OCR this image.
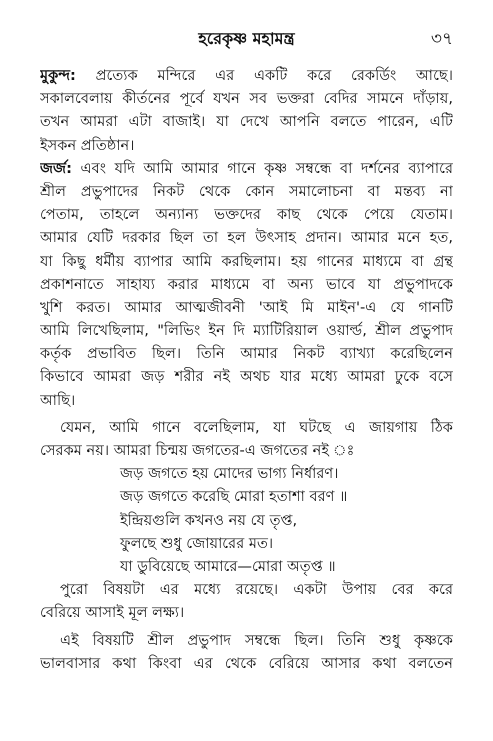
হরেকৃষ্ণ মহামন্ত্র	৩৭
মুকুন্দ: প্রত্যেক মন্দিরে এর একটি করে রেকর্ডিং আছে।
সকালবেলায় কীর্তনের পূর্বে যখন সব ভক্তরা বেদির সামনে দাঁড়ায়,
তখন আমরা এটা বাজাই। যা দেখে আপনি বলতে পারেন, এটি
ইসকন প্রতিষ্ঠান।
জর্জ: এবং যদি আমি আমার গানে কৃষ্ণ সম্বন্ধে বা দর্শনের ব্যাপারে
শ্রীল প্রভুপাদের নিকট থেকে কোন সমালোচনা বা মন্তব্য না
পেতাম, তাহলে অন্যান্য ভক্তদের কাছ থেকে পেয়ে যেতাম।
আমার যেটি দরকার ছিল তা হল উৎসাহ প্রদান। আমার মনে হত,
যা কিছু ধর্মীয় ব্যাপার আমি করছিলাম। হয় গানের মাধ্যমে বা গ্রন্থ
প্রকাশনাতে সাহায্য করার মাধ্যমে বা অন্য ভাবে যা প্রভুপাদকে
খুশি করত। আমার আত্মজীবনী 'আই মি মাইন'-এ যে গানটি
আমি লিখেছিলাম, "লিভিং ইন দি ম্যাটিরিয়াল ওয়ার্ল্ড, শ্রীল প্রভুপাদ
কর্তৃক প্রভাবিত ছিল। তিনি আমার নিকট ব্যাখ্যা করেছিলেন
কিভাবে আমরা জড় শরীর নই অথচ যার মধ্যে আমরা ঢুকে বসে
আছি।
যেমন, আমি গানে বলেছিলাম, যা ঘটছে এ জায়গায় ঠিক
সেরকম নয়। আমরা চিন্ময় জগতের-এ জগতের নই ঃ
জড় জগতে হয় মোদের ভাগ্য নির্ধারণ।
জড় জগতে করেছি মোরা হতাশা বরণ ॥
ইন্দ্রিয়গুলি কখনও নয় যে তৃপ্ত,
ফুলছে শুধু জোয়ারের মত।
যা ডুবিয়েছে আমারে—মোরা অতৃপ্ত ॥
পুরো বিষয়টা এর মধ্যে রয়েছে। একটা উপায় বের করে
বেরিয়ে আসাই মূল লক্ষ্য।
এই বিষয়টি শ্রীল প্রভুপাদ সম্বন্ধে ছিল। তিনি শুধু কৃষ্ণকে
ভালবাসার কথা কিংবা এর থেকে বেরিয়ে আসার কথা বলতেন
